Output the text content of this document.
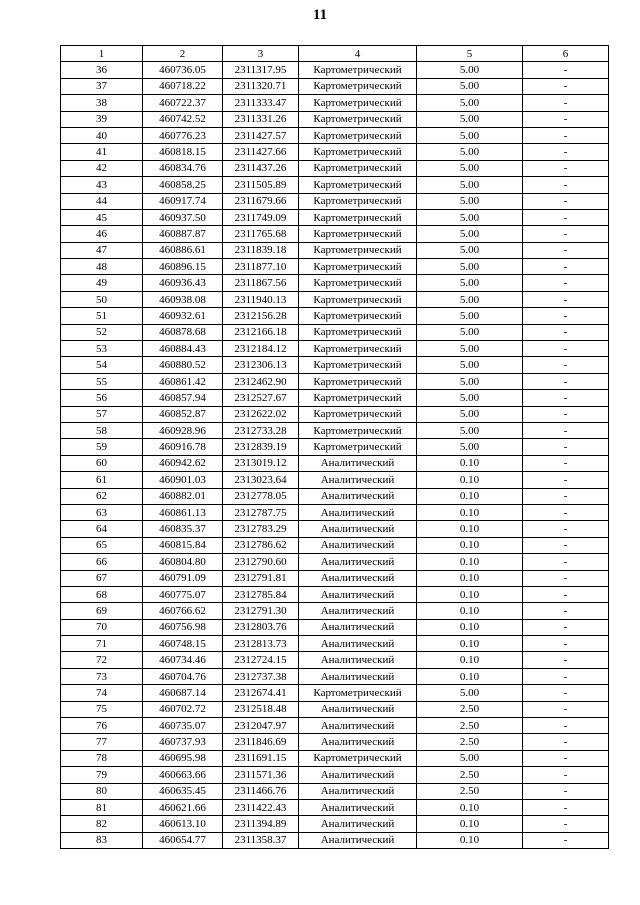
11
1	2	3	4	5	6
36	460736.05	2311317.95	Картометрический	5.00	-
37	460718.22	2311320.71	Картометрический	5.00	-
38	460722.37	2311333.47	Картометрический	5.00	-
39	460742.52	2311331.26	Картометрический	5.00	-
40	460776.23	2311427.57	Картометрический	5.00	-
41	460818.15	2311427.66	Картометрический	5.00	-
42	460834.76	2311437.26	Картометрический	5.00	-
43	460858.25	2311505.89	Картометрический	5.00	-
44	460917.74	2311679.66	Картометрический	5.00	-
45	460937.50	2311749.09	Картометрический	5.00	-
46	460887.87	2311765.68	Картометрический	5.00	-
47	460886.61	2311839.18	Картометрический	5.00	-
48	460896.15	2311877.10	Картометрический	5.00	-
49	460936.43	2311867.56	Картометрический	5.00	-
50	460938.08	2311940.13	Картометрический	5.00	-
51	460932.61	2312156.28	Картометрический	5.00	-
52	460878.68	2312166.18	Картометрический	5.00	-
53	460884.43	2312184.12	Картометрический	5.00	-
54	460880.52	2312306.13	Картометрический	5.00	-
55	460861.42	2312462.90	Картометрический	5.00	-
56	460857.94	2312527.67	Картометрический	5.00	-
57	460852.87	2312622.02	Картометрический	5.00	-
58	460928.96	2312733.28	Картометрический	5.00	-
59	460916.78	2312839.19	Картометрический	5.00	-
60	460942.62	2313019.12	Аналитический	0.10	-
61	460901.03	2313023.64	Аналитический	0.10	-
62	460882.01	2312778.05	Аналитический	0.10	-
63	460861.13	2312787.75	Аналитический	0.10	-
64	460835.37	2312783.29	Аналитический	0.10	-
65	460815.84	2312786.62	Аналитический	0.10	-
66	460804.80	2312790.60	Аналитический	0.10	-
67	460791.09	2312791.81	Аналитический	0.10	-
68	460775.07	2312785.84	Аналитический	0.10	-
69	460766.62	2312791.30	Аналитический	0.10	-
70	460756.98	2312803.76	Аналитический	0.10	-
71	460748.15	2312813.73	Аналитический	0.10	-
72	460734.46	2312724.15	Аналитический	0.10	-
73	460704.76	2312737.38	Аналитический	0.10	-
74	460687.14	2312674.41	Картометрический	5.00	-
75	460702.72	2312518.48	Аналитический	2.50	-
76	460735.07	2312047.97	Аналитический	2.50	-
77	460737.93	2311846.69	Аналитический	2.50	-
78	460695.98	2311691.15	Картометрический	5.00	-
79	460663.66	2311571.36	Аналитический	2.50	-
80	460635.45	2311466.76	Аналитический	2.50	-
81	460621.66	2311422.43	Аналитический	0.10	-
82	460613.10	2311394.89	Аналитический	0.10	-
83	460654.77	2311358.37	Аналитический	0.10	-
